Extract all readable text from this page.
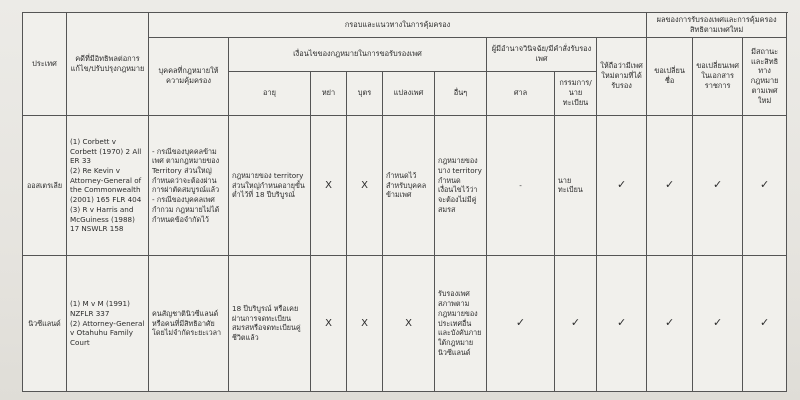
ประเทศ	คดีที่มีอิทธิพลต่อการแก้ไข/ปรับปรุงกฎหมาย	กรอบและแนวทางในการคุ้มครอง									ผลของการรับรองเพศและการคุ้มครองสิทธิตามเพศใหม่		
		บุคคลที่กฎหมายให้ความคุ้มครอง	เงื่อนไขของกฎหมายในการขอรับรองเพศ					ผู้มีอำนาจวินิจฉัย/มีคำสั่งรับรองเพศ		ให้ถือว่ามีเพศใหม่ตามที่ได้รับรอง	ขอเปลี่ยนชื่อ	ขอเปลี่ยนเพศในเอกสารราชการ	มีสถานะและสิทธิทางกฎหมายตามเพศใหม่
			อายุ	หย่า	บุตร	แปลงเพศ	อื่นๆ	ศาล	กรรมการ/นายทะเบียน				
ออสเตรเลีย	(1) Corbett v Corbett (1970) 2 All ER 33
(2) Re Kevin v Attorney-General of the Commonwealth (2001) 165 FLR 404
(3) R v Harris and McGuiness (1988) 17 NSWLR 158	- กรณีของบุคคลข้ามเพศ ตามกฎหมายของ Territory ส่วนใหญ่กำหนดว่าจะต้องผ่านการผ่าตัดสมบูรณ์แล้ว
- กรณีของบุคคลเพศกำกวม กฎหมายไม่ได้กำหนดข้อจำกัดไว้	กฎหมายของ territory ส่วนใหญ่กำหนดอายุขั้นต่ำไว้ที่ 18 ปีบริบูรณ์	X	X	กำหนดไว้สำหรับบุคคลข้ามเพศ	กฎหมายของบาง territory กำหนดเงื่อนไขไว้ว่าจะต้องไม่มีคู่สมรส	-	นายทะเบียน	✓	✓	✓	✓
นิวซีแลนด์	(1) M v M (1991) NZFLR 337
(2) Attorney-General v Otahuhu Family Court	คนสัญชาตินิวซีแลนด์หรือคนที่มีสิทธิอาศัยโดยไม่จำกัดระยะเวลา	18 ปีบริบูรณ์ หรือเคยผ่านการจดทะเบียนสมรสหรือจดทะเบียนคู่ชีวิตแล้ว	X	X	X	รับรองเพศสภาพตามกฎหมายของประเทศอื่นและบังคับภายใต้กฎหมายนิวซีแลนด์	✓	✓	✓	✓	✓	✓
